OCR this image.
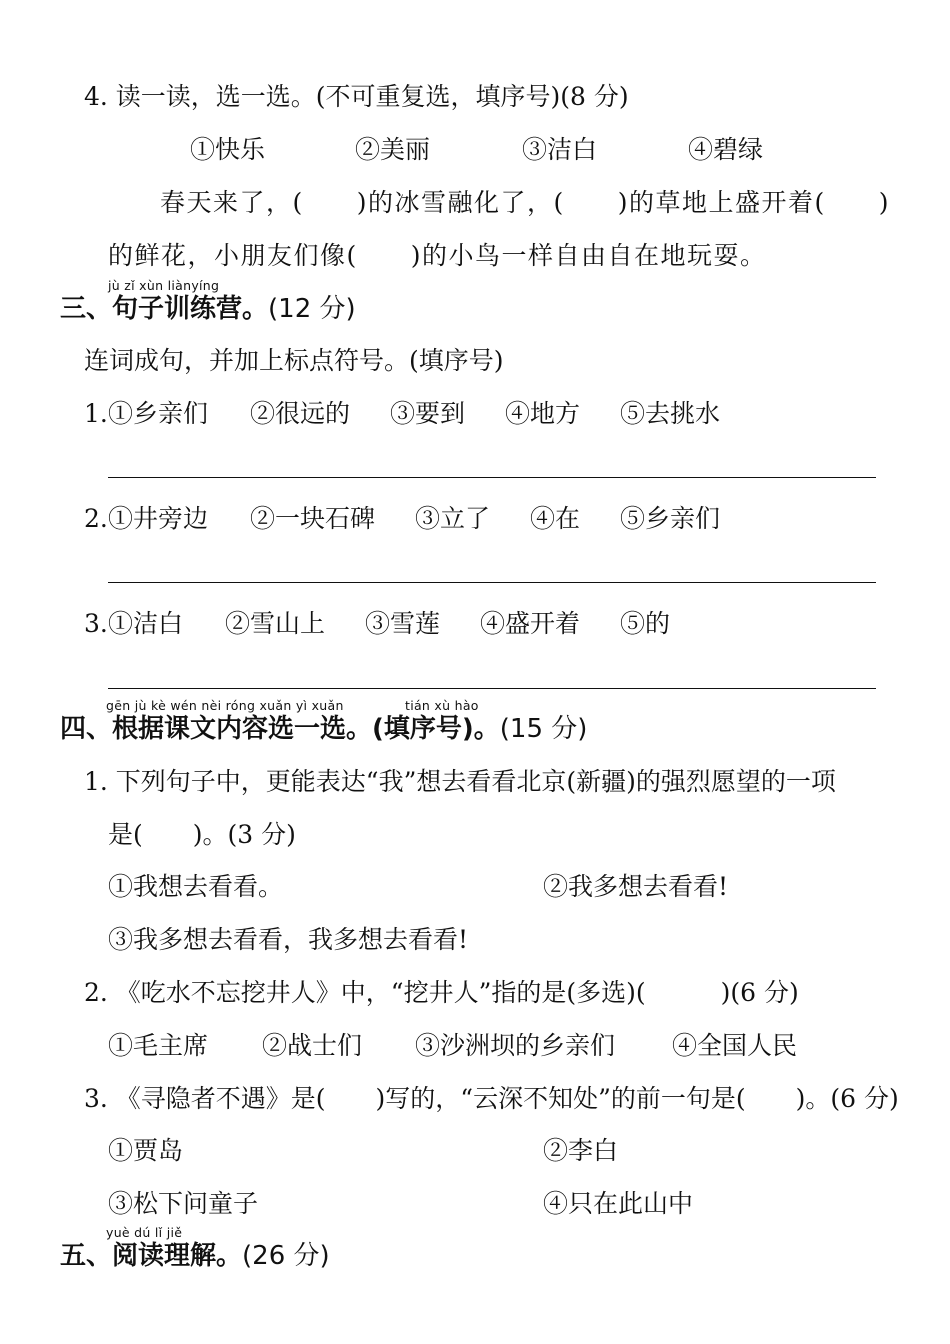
4. 读一读，选一选。(不可重复选，填序号)(8 分)
①快乐	②美丽	③洁白	④碧绿
春天来了，(　　)的冰雪融化了，(　　)的草地上盛开着(　　)
的鲜花，小朋友们像(　　)的小鸟一样自由自在地玩耍。
jù zǐ xùn liànyíng
三、句子训练营。(12 分)
连词成句，并加上标点符号。(填序号)
1. ①乡亲们 ②很远的 ③要到 ④地方 ⑤去挑水
2. ①井旁边 ②一块石碑 ③立了 ④在 ⑤乡亲们
3. ①洁白 ②雪山上 ③雪莲 ④盛开着 ⑤的
gēn jù kè wén nèi róng xuǎn yì xuǎn	tián xù hào
四、根据课文内容选一选。(填序号)。(15 分)
1. 下列句子中，更能表达“我”想去看看北京(新疆)的强烈愿望的一项
是(　　)。(3 分)
①我想去看看。	②我多想去看看!
③我多想去看看，我多想去看看!
2. 《吃水不忘挖井人》中，“挖井人”指的是(多选)(　　　)(6 分)
①毛主席 ②战士们 ③沙洲坝的乡亲们 ④全国人民
3. 《寻隐者不遇》是(　　)写的，“云深不知处”的前一句是(　　)。(6 分)
①贾岛	②李白
③松下问童子	④只在此山中
yuè dú lǐ jiě
五、阅读理解。(26 分)
